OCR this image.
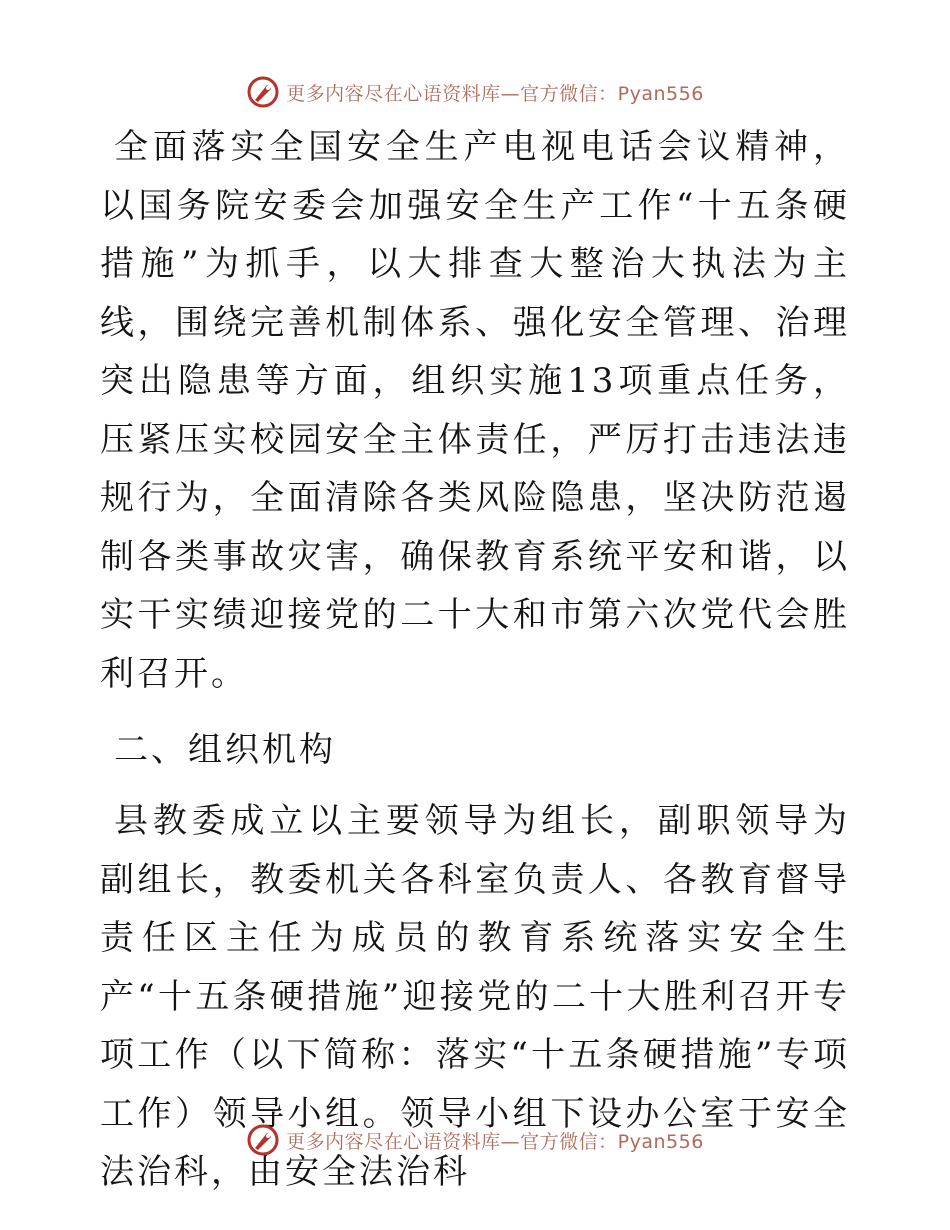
更多内容尽在心语资料库—官方微信：Pyan556

全面落实全国安全生产电视电话会议精神，以国务院安委会加强安全生产工作“十五条硬措施”为抓手，以大排查大整治大执法为主线，围绕完善机制体系、强化安全管理、治理突出隐患等方面，组织实施13项重点任务，压紧压实校园安全主体责任，严厉打击违法违规行为，全面清除各类风险隐患，坚决防范遏制各类事故灾害，确保教育系统平安和谐，以实干实绩迎接党的二十大和市第六次党代会胜利召开。

二、组织机构

县教委成立以主要领导为组长，副职领导为副组长，教委机关各科室负责人、各教育督导责任区主任为成员的教育系统落实安全生产“十五条硬措施”迎接党的二十大胜利召开专项工作（以下简称：落实“十五条硬措施”专项工作）领导小组。领导小组下设办公室于安全法治科，由安全法治科

更多内容尽在心语资料库—官方微信：Pyan556
